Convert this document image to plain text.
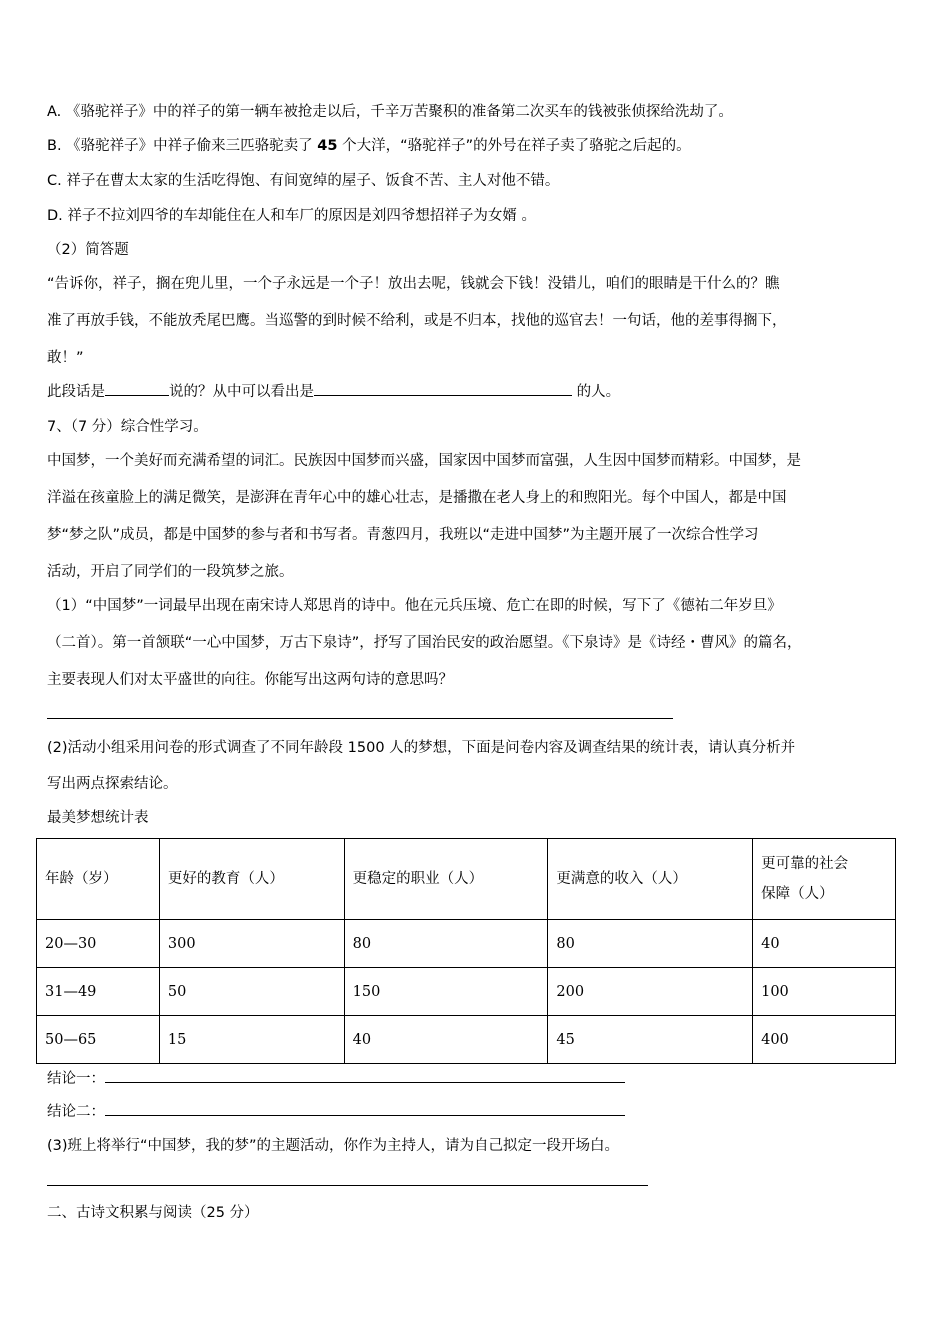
A. 《骆驼祥子》中的祥子的第一辆车被抢走以后，千辛万苦聚积的准备第二次买车的钱被张侦探给洗劫了。
B. 《骆驼祥子》中祥子偷来三匹骆驼卖了 45 个大洋，“骆驼祥子”的外号在祥子卖了骆驼之后起的。
C. 祥子在曹太太家的生活吃得饱、有间宽绰的屋子、饭食不苦、主人对他不错。
D. 祥子不拉刘四爷的车却能住在人和车厂的原因是刘四爷想招祥子为女婿 。
（2）简答题
“告诉你，祥子，搁在兜儿里，一个子永远是一个子！放出去呢，钱就会下钱！没错儿，咱们的眼睛是干什么的？瞧
准了再放手钱，不能放秃尾巴鹰。当巡警的到时候不给利，或是不归本，找他的巡官去！一句话，他的差事得搁下，
敢！”
此段话是	说的？从中可以看出是	的人。
7、（7 分）综合性学习。
中国梦，一个美好而充满希望的词汇。民族因中国梦而兴盛，国家因中国梦而富强，人生因中国梦而精彩。中国梦，是
洋溢在孩童脸上的满足微笑，是澎湃在青年心中的雄心壮志，是播撒在老人身上的和煦阳光。每个中国人，都是中国
梦“梦之队”成员，都是中国梦的参与者和书写者。青葱四月，我班以“走进中国梦”为主题开展了一次综合性学习
活动，开启了同学们的一段筑梦之旅。
（1）“中国梦”一词最早出现在南宋诗人郑思肖的诗中。他在元兵压境、危亡在即的时候，写下了《德祐二年岁旦》
（二首）。第一首颔联“一心中国梦，万古下泉诗”，抒写了国治民安的政治愿望。《下泉诗》是《诗经・曹风》的篇名，
主要表现人们对太平盛世的向往。你能写出这两句诗的意思吗？
(2)活动小组采用问卷的形式调查了不同年龄段 1500 人的梦想，下面是问卷内容及调查结果的统计表，请认真分析并
写出两点探索结论。
最美梦想统计表
年龄（岁）	更好的教育（人）	更稳定的职业（人）	更满意的收入（人）	更可靠的社会
保障（人）

20—30	300	80	80	40
31—49	50	150	200	100
50—65	15	40	45	400
结论一：
结论二：
(3)班上将举行“中国梦，我的梦”的主题活动，你作为主持人，请为自己拟定一段开场白。
二、古诗文积累与阅读（25 分）
